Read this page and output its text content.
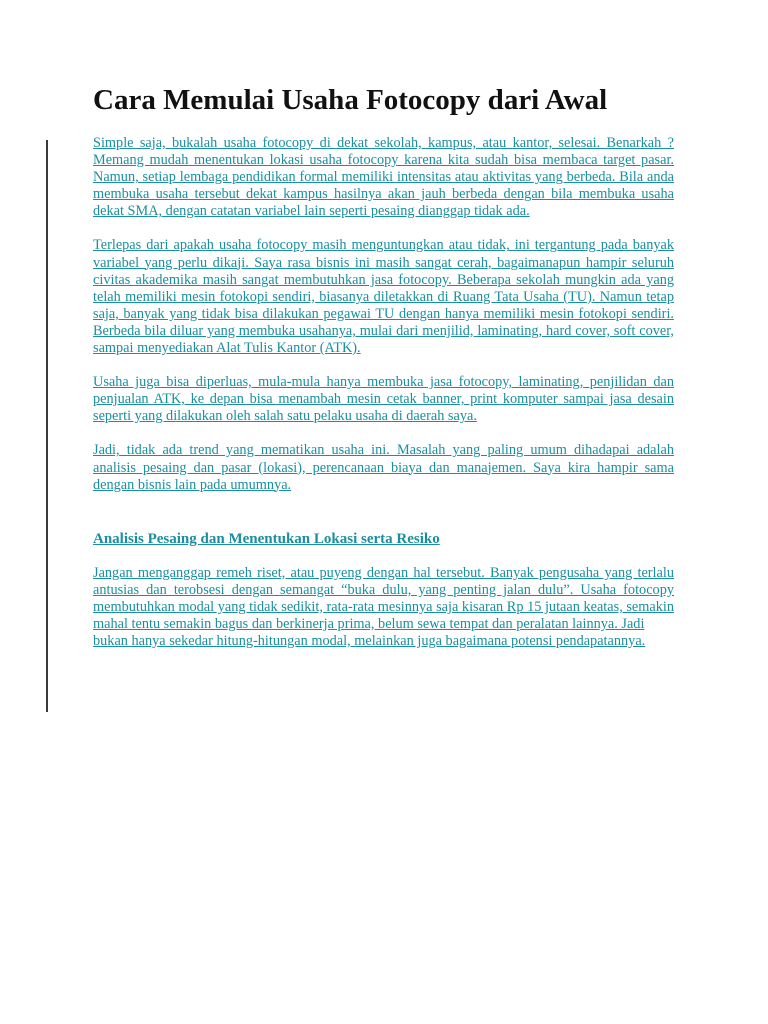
Cara Memulai Usaha Fotocopy dari Awal

Simple saja, bukalah usaha fotocopy di dekat sekolah, kampus, atau kantor, selesai. Benarkah ? Memang mudah menentukan lokasi usaha fotocopy karena kita sudah bisa membaca target pasar. Namun, setiap lembaga pendidikan formal memiliki intensitas atau aktivitas yang berbeda. Bila anda membuka usaha tersebut dekat kampus hasilnya akan jauh berbeda dengan bila membuka usaha dekat SMA, dengan catatan variabel lain seperti pesaing dianggap tidak ada.

Terlepas dari apakah usaha fotocopy masih menguntungkan atau tidak, ini tergantung pada banyak variabel yang perlu dikaji. Saya rasa bisnis ini masih sangat cerah, bagaimanapun hampir seluruh civitas akademika masih sangat membutuhkan jasa fotocopy. Beberapa sekolah mungkin ada yang telah memiliki mesin fotokopi sendiri, biasanya diletakkan di Ruang Tata Usaha (TU). Namun tetap saja, banyak yang tidak bisa dilakukan pegawai TU dengan hanya memiliki mesin fotokopi sendiri. Berbeda bila diluar yang membuka usahanya, mulai dari menjilid, laminating, hard cover, soft cover, sampai menyediakan Alat Tulis Kantor (ATK).

Usaha juga bisa diperluas, mula-mula hanya membuka jasa fotocopy, laminating, penjilidan dan penjualan ATK, ke depan bisa menambah mesin cetak banner, print komputer sampai jasa desain seperti yang dilakukan oleh salah satu pelaku usaha di daerah saya.

Jadi, tidak ada trend yang mematikan usaha ini. Masalah yang paling umum dihadapai adalah analisis pesaing dan pasar (lokasi), perencanaan biaya dan manajemen. Saya kira hampir sama dengan bisnis lain pada umumnya.

Analisis Pesaing dan Menentukan Lokasi serta Resiko

Jangan menganggap remeh riset, atau puyeng dengan hal tersebut. Banyak pengusaha yang terlalu antusias dan terobsesi dengan semangat “buka dulu, yang penting jalan dulu”. Usaha fotocopy membutuhkan modal yang tidak sedikit, rata-rata mesinnya saja kisaran Rp 15 jutaan keatas, semakin mahal tentu semakin bagus dan berkinerja prima, belum sewa tempat dan peralatan lainnya. Jadi

bukan hanya sekedar hitung-hitungan modal, melainkan juga bagaimana potensi pendapatannya.
